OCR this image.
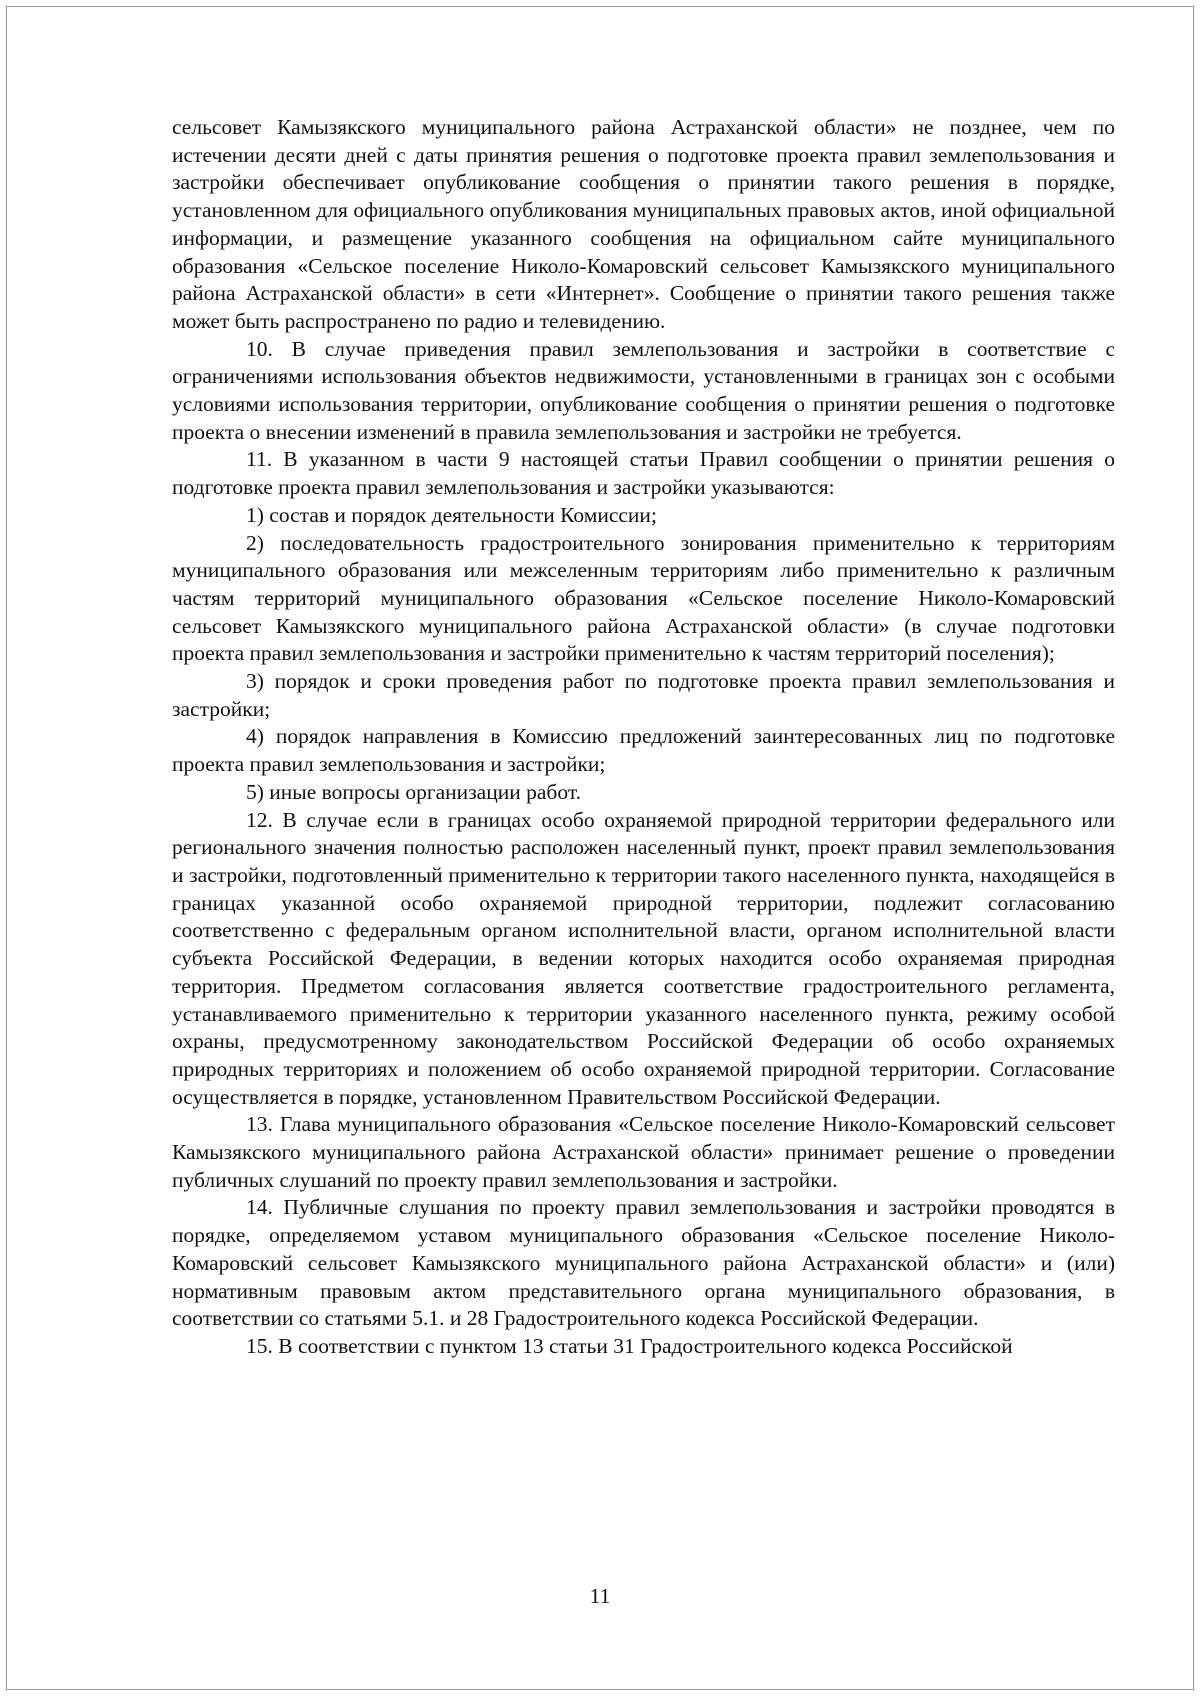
сельсовет Камызякского муниципального района Астраханской области» не позднее, чем по истечении десяти дней с даты принятия решения о подготовке проекта правил землепользования и застройки обеспечивает опубликование сообщения о принятии такого решения в порядке, установленном для официального опубликования муниципальных правовых актов, иной официальной информации, и размещение указанного сообщения на официальном сайте муниципального образования «Сельское поселение Николо-Комаровский сельсовет Камызякского муниципального района Астраханской области» в сети «Интернет». Сообщение о принятии такого решения также может быть распространено по радио и телевидению.

10. В случае приведения правил землепользования и застройки в соответствие с ограничениями использования объектов недвижимости, установленными в границах зон с особыми условиями использования территории, опубликование сообщения о принятии решения о подготовке проекта о внесении изменений в правила землепользования и застройки не требуется.

11. В указанном в части 9 настоящей статьи Правил сообщении о принятии решения о подготовке проекта правил землепользования и застройки указываются:

1) состав и порядок деятельности Комиссии;

2) последовательность градостроительного зонирования применительно к территориям муниципального образования или межселенным территориям либо применительно к различным частям территорий муниципального образования «Сельское поселение Николо-Комаровский сельсовет Камызякского муниципального района Астраханской области» (в случае подготовки проекта правил землепользования и застройки применительно к частям территорий поселения);

3) порядок и сроки проведения работ по подготовке проекта правил землепользования и застройки;

4) порядок направления в Комиссию предложений заинтересованных лиц по подготовке проекта правил землепользования и застройки;

5) иные вопросы организации работ.

12. В случае если в границах особо охраняемой природной территории федерального или регионального значения полностью расположен населенный пункт, проект правил землепользования и застройки, подготовленный применительно к территории такого населенного пункта, находящейся в границах указанной особо охраняемой природной территории, подлежит согласованию соответственно с федеральным органом исполнительной власти, органом исполнительной власти субъекта Российской Федерации, в ведении которых находится особо охраняемая природная территория. Предметом согласования является соответствие градостроительного регламента, устанавливаемого применительно к территории указанного населенного пункта, режиму особой охраны, предусмотренному законодательством Российской Федерации об особо охраняемых природных территориях и положением об особо охраняемой природной территории. Согласование осуществляется в порядке, установленном Правительством Российской Федерации.

13. Глава муниципального образования «Сельское поселение Николо-Комаровский сельсовет Камызякского муниципального района Астраханской области» принимает решение о проведении публичных слушаний по проекту правил землепользования и застройки.

14. Публичные слушания по проекту правил землепользования и застройки проводятся в порядке, определяемом уставом муниципального образования «Сельское поселение Николо-Комаровский сельсовет Камызякского муниципального района Астраханской области» и (или) нормативным правовым актом представительного органа муниципального образования, в соответствии со статьями 5.1. и 28 Градостроительного кодекса Российской Федерации.

15. В соответствии с пунктом 13 статьи 31 Градостроительного кодекса Российской

11
